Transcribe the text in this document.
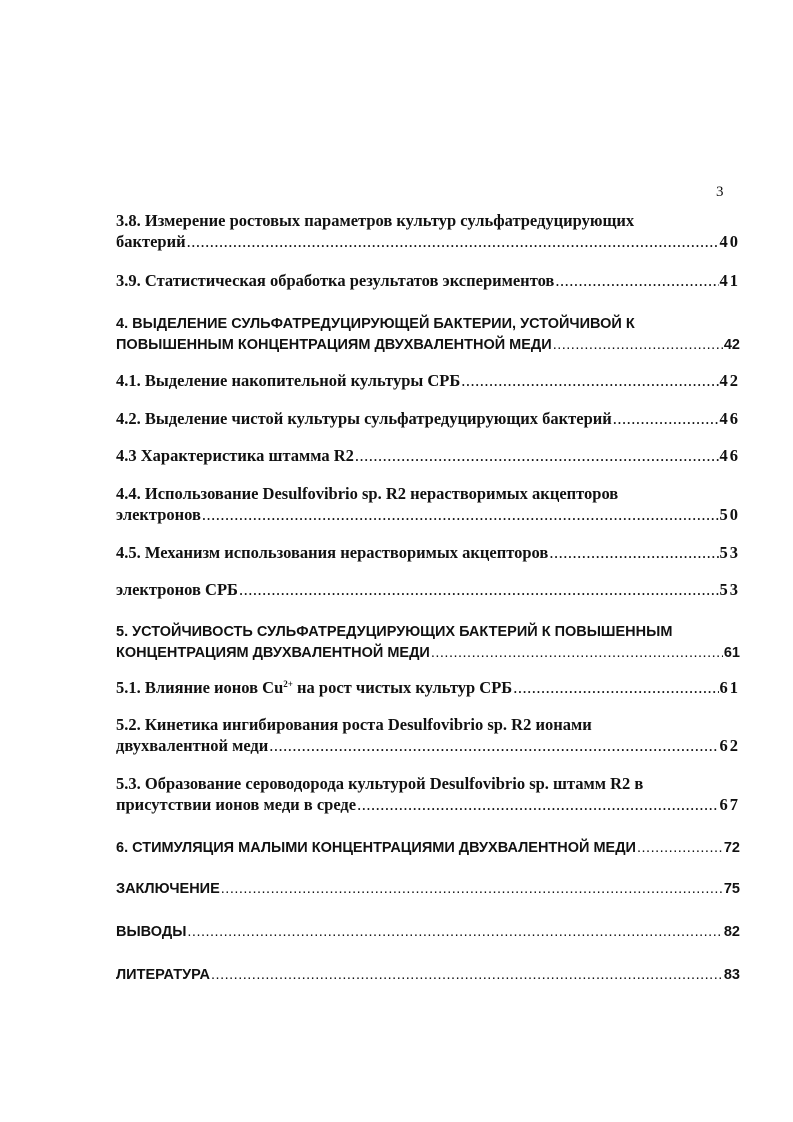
3
3.8. Измерение ростовых параметров культур сульфатредуцирующих
бактерий .....	40
3.9. Статистическая обработка результатов экспериментов .....	41
4. ВЫДЕЛЕНИЕ СУЛЬФАТРЕДУЦИРУЮЩЕЙ БАКТЕРИИ, УСТОЙЧИВОЙ К
ПОВЫШЕННЫМ КОНЦЕНТРАЦИЯМ ДВУХВАЛЕНТНОЙ МЕДИ .....	42
4.1. Выделение накопительной культуры СРБ .....	42
4.2. Выделение чистой культуры сульфатредуцирующих бактерий .....	46
4.3 Характеристика штамма R2 .....	46
4.4. Использование Desulfovibrio sp. R2 нерастворимых акцепторов
электронов .....	50
4.5. Механизм использования нерастворимых акцепторов .....	53
электронов СРБ .....	53
5. УСТОЙЧИВОСТЬ СУЛЬФАТРЕДУЦИРУЮЩИХ БАКТЕРИЙ К ПОВЫШЕННЫМ
КОНЦЕНТРАЦИЯМ ДВУХВАЛЕНТНОЙ МЕДИ .....	61
5.1. Влияние ионов $Cu^{2+}$ на рост чистых культур СРБ .....	61
5.2. Кинетика ингибирования роста Desulfovibrio sp. R2 ионами
двухвалентной меди .....	62
5.3. Образование сероводорода культурой Desulfovibrio sp. штамм R2 в
присутствии ионов меди в среде .....	67
6. СТИМУЛЯЦИЯ МАЛЫМИ КОНЦЕНТРАЦИЯМИ ДВУХВАЛЕНТНОЙ МЕДИ .....	72
ЗАКЛЮЧЕНИЕ .....	75
ВЫВОДЫ .....	82
ЛИТЕРАТУРА .....	83
